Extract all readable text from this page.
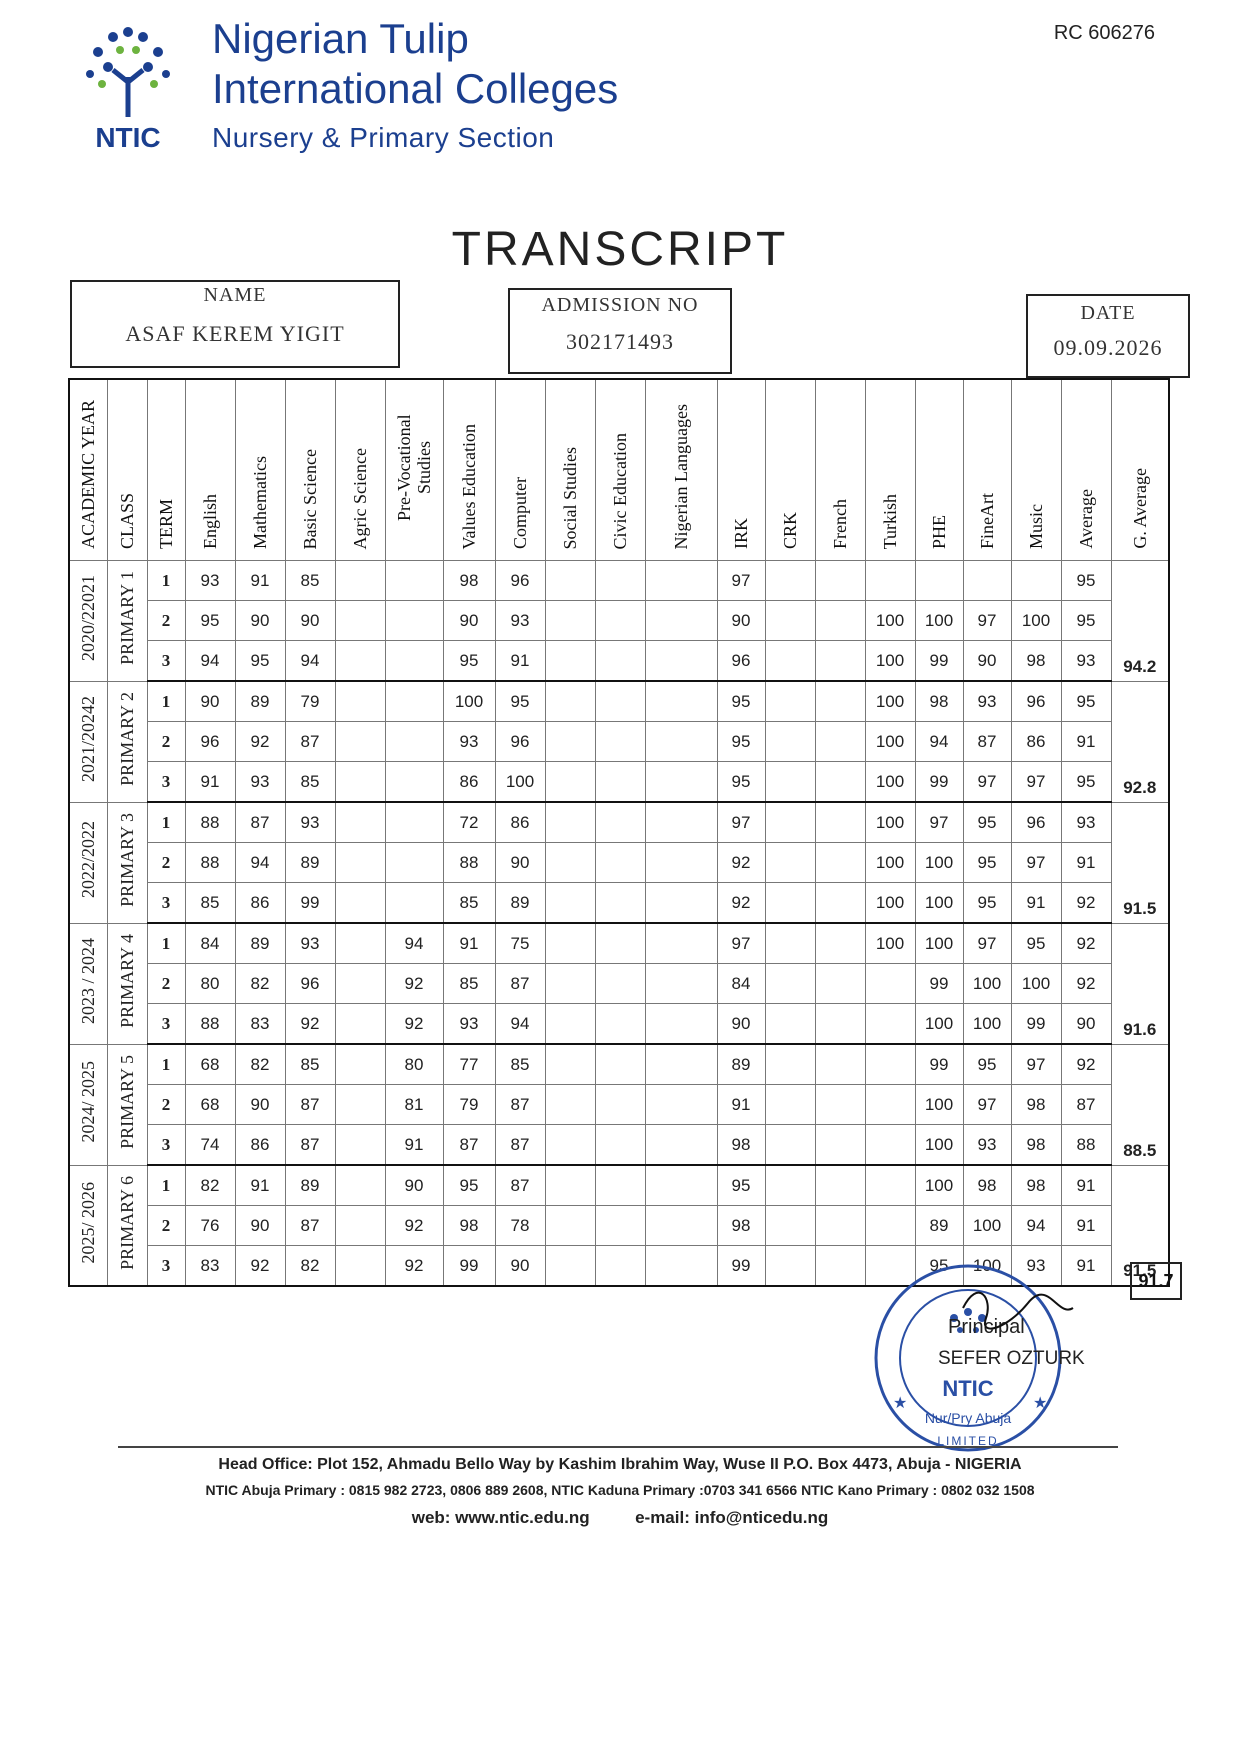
NTIC
Nigerian Tulip
International Colleges
Nursery & Primary Section
RC 606276
TRANSCRIPT
NAME
ASAF KEREM YIGIT
ADMISSION NO
302171493
DATE
09.09.2026
ACADEMIC YEAR	CLASS	TERM	English	Mathematics	Basic Science	Agric Science	Pre-Vocational Studies	Values Education	Computer	Social Studies	Civic Education	Nigerian Languages	IRK	CRK	French	Turkish	PHE	FineArt	Music	Average	G. Average
2020/22021	PRIMARY 1	1	93	91	85			98	96				97							95	94.2
		2	95	90	90			90	93				90			100	100	97	100	95	
		3	94	95	94			95	91				96			100	99	90	98	93	
2021/20242	PRIMARY 2	1	90	89	79			100	95				95			100	98	93	96	95	92.8
		2	96	92	87			93	96				95			100	94	87	86	91	
		3	91	93	85			86	100				95			100	99	97	97	95	
2022/2022	PRIMARY 3	1	88	87	93			72	86				97			100	97	95	96	93	91.5
		2	88	94	89			88	90				92			100	100	95	97	91	
		3	85	86	99			85	89				92			100	100	95	91	92	
2023 / 2024	PRIMARY 4	1	84	89	93		94	91	75				97			100	100	97	95	92	91.6
		2	80	82	96		92	85	87				84				99	100	100	92	
		3	88	83	92		92	93	94				90				100	100	99	90	
2024/ 2025	PRIMARY 5	1	68	82	85		80	77	85				89				99	95	97	92	88.5
		2	68	90	87		81	79	87				91				100	97	98	87	
		3	74	86	87		91	87	87				98				100	93	98	88	
2025/ 2026	PRIMARY 6	1	82	91	89		90	95	87				95				100	98	98	91	91.5
		2	76	90	87		92	98	78				98				89	100	94	91	
		3	83	92	82		92	99	90				99				95	100	93	91	
91.7
★	★
NTIC
Nur/Pry Abuja
LIMITED
Principal
SEFER OZTURK
Head Office: Plot 152, Ahmadu Bello Way by Kashim Ibrahim Way, Wuse II P.O. Box 4473, Abuja - NIGERIA
NTIC Abuja Primary : 0815 982 2723, 0806 889 2608, NTIC Kaduna Primary :0703 341 6566 NTIC Kano Primary : 0802 032 1508
web: www.ntic.edu.ng	e-mail: info@nticedu.ng
